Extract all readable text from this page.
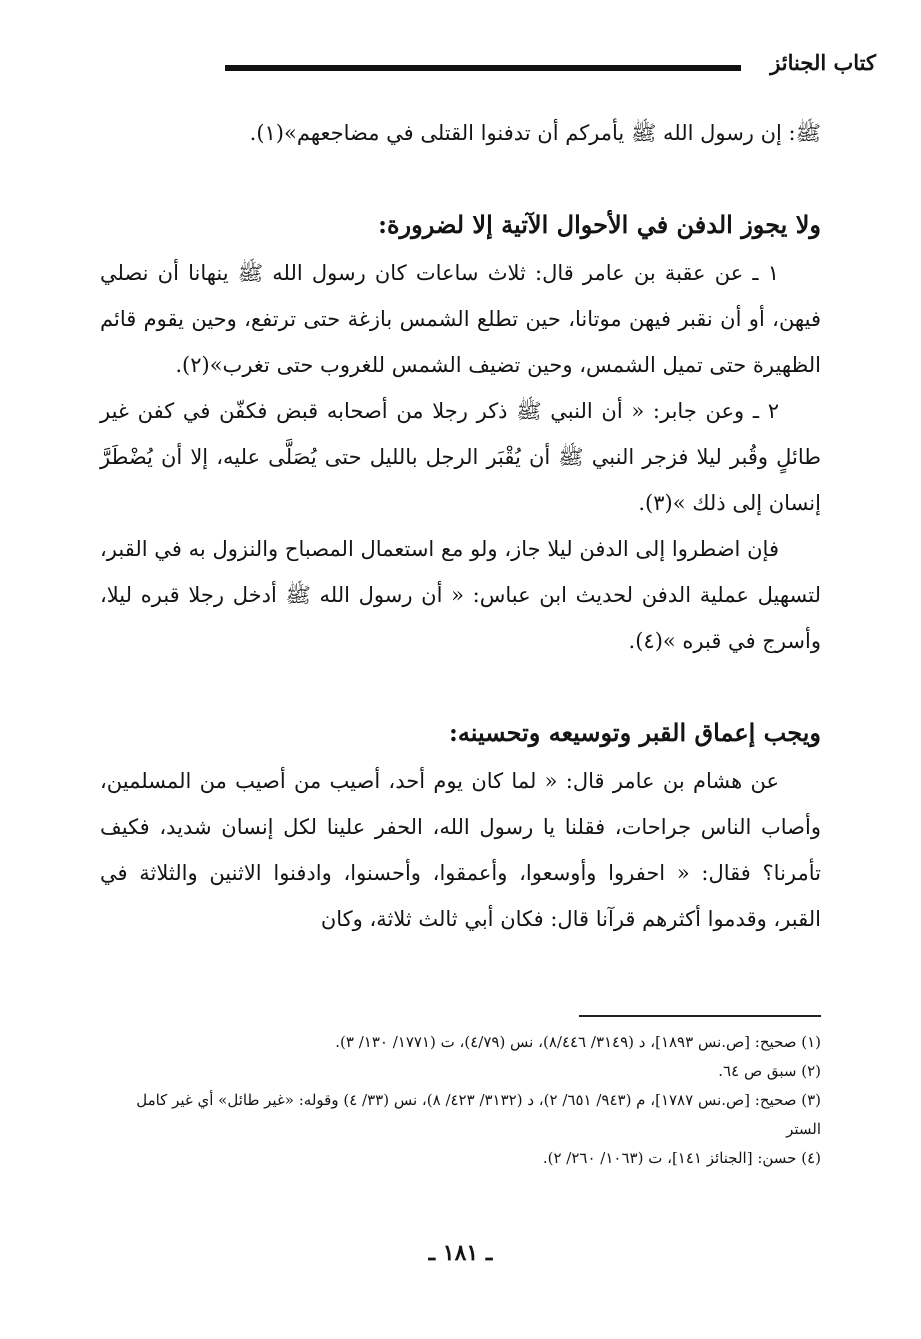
كتاب الجنائز

ﷺ: إن رسول الله ﷺ يأمركم أن تدفنوا القتلى في مضاجعهم»(١).

ولا يجوز الدفن في الأحوال الآتية إلا لضرورة:

١ ـ عن عقبة بن عامر قال: ثلاث ساعات كان رسول الله ﷺ ينهانا أن نصلي فيهن، أو أن نقبر فيهن موتانا، حين تطلع الشمس بازغة حتى ترتفع، وحين يقوم قائم الظهيرة حتى تميل الشمس، وحين تضيف الشمس للغروب حتى تغرب»(٢).

٢ ـ وعن جابر: « أن النبي ﷺ ذكر رجلا من أصحابه قبض فكفّن في كفن غير طائلٍ وقُبر ليلا فزجر النبي ﷺ أن يُقْبَر الرجل بالليل حتى يُصَلَّى عليه، إلا أن يُضْطَرَّ إنسان إلى ذلك »(٣).

فإن اضطروا إلى الدفن ليلا جاز، ولو مع استعمال المصباح والنزول به في القبر، لتسهيل عملية الدفن لحديث ابن عباس: « أن رسول الله ﷺ أدخل رجلا قبره ليلا، وأسرج في قبره »(٤).

ويجب إعماق القبر وتوسيعه وتحسينه:

عن هشام بن عامر قال: « لما كان يوم أحد، أصيب من أصيب من المسلمين، وأصاب الناس جراحات، فقلنا يا رسول الله، الحفر علينا لكل إنسان شديد، فكيف تأمرنا؟ فقال: « احفروا وأوسعوا، وأعمقوا، وأحسنوا، وادفنوا الاثنين والثلاثة في القبر، وقدموا أكثرهم قرآنا قال: فكان أبي ثالث ثلاثة، وكان

(١) صحيح: [ص.نس ١٨٩٣]، د (٣١٤٩/ ٨/٤٤٦)، نس (٤/٧٩)، ت (١٧٧١/ ١٣٠/ ٣).

(٢) سبق ص ٦٤.

(٣) صحيح: [ص.نس ١٧٨٧]، م (٩٤٣/ ٦٥١/ ٢)، د (٣١٣٢/ ٤٢٣/ ٨)، نس (٣٣/ ٤) وقوله: «غير طائل» أي غير كامل الستر

(٤) حسن: [الجنائز ١٤١]، ت (١٠٦٣/ ٢٦٠/ ٢).

ـ ١٨١ ـ
